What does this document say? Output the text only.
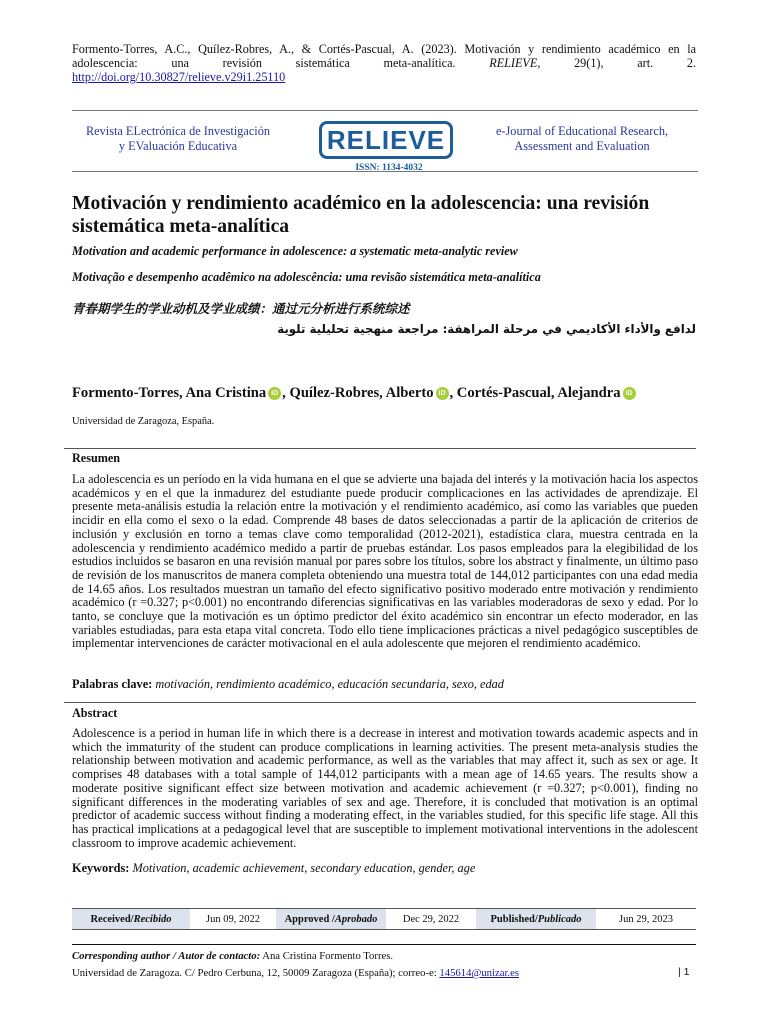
Formento-Torres, A.C., Quílez-Robres, A., & Cortés-Pascual, A. (2023). Motivación y rendimiento académico en la
adolescencia:	una	revisión	sistemática	meta-analítica.	RELIEVE,	29(1),	art.	2.
http://doi.org/10.30827/relieve.v29i1.25110
Revista ELectrónica de Investigación
y EValuación Educativa	RELIEVE
ISSN: 1134-4032
e-Journal of Educational Research,
Assessment and Evaluation
Motivación y rendimiento académico en la adolescencia: una revisión sistemática meta-analítica
Motivation and academic performance in adolescence: a systematic meta-analytic review
Motivação e desempenho acadêmico na adolescência: uma revisão sistemática meta-analítica
青春期学生的学业动机及学业成绩：通过元分析进行系统综述
لدافع والأداء الأكاديمي في مرحلة المراهقة: مراجعة منهجية تحليلية تلوية
Formento-Torres, Ana Cristina iD , Quílez-Robres, Alberto iD , Cortés-Pascual, Alejandra iD
Universidad de Zaragoza, España.
Resumen
La adolescencia es un período en la vida humana en el que se advierte una bajada del interés y la motivación hacia los aspectos académicos y en el que la inmadurez del estudiante puede producir complicaciones en las actividades de aprendizaje. El presente meta-análisis estudia la relación entre la motivación y el rendimiento académico, así como las variables que pueden incidir en ella como el sexo o la edad. Comprende 48 bases de datos seleccionadas a partir de la aplicación de criterios de inclusión y exclusión en torno a temas clave como temporalidad (2012-2021), estadística clara, muestra centrada en la adolescencia y rendimiento académico medido a partir de pruebas estándar. Los pasos empleados para la elegibilidad de los estudios incluidos se basaron en una revisión manual por pares sobre los títulos, sobre los abstract y finalmente, un último paso de revisión de los manuscritos de manera completa obteniendo una muestra total de 144,012 participantes con una edad media de 14.65 años. Los resultados muestran un tamaño del efecto significativo positivo moderado entre motivación y rendimiento académico (r =0.327; p<0.001) no encontrando diferencias significativas en las variables moderadoras de sexo y edad. Por lo tanto, se concluye que la motivación es un óptimo predictor del éxito académico sin encontrar un efecto moderador, en las variables estudiadas, para esta etapa vital concreta. Todo ello tiene implicaciones prácticas a nivel pedagógico susceptibles de implementar intervenciones de carácter motivacional en el aula adolescente que mejoren el rendimiento académico.
Palabras clave: motivación, rendimiento académico, educación secundaria, sexo, edad
Abstract
Adolescence is a period in human life in which there is a decrease in interest and motivation towards academic aspects and in which the immaturity of the student can produce complications in learning activities. The present meta-analysis studies the relationship between motivation and academic performance, as well as the variables that may affect it, such as sex or age. It comprises 48 databases with a total sample of 144,012 participants with a mean age of 14.65 years. The results show a moderate positive significant effect size between motivation and academic achievement (r =0.327; p<0.001), finding no significant differences in the moderating variables of sex and age. Therefore, it is concluded that motivation is an optimal predictor of academic success without finding a moderating effect, in the variables studied, for this specific life stage. All this has practical implications at a pedagogical level that are susceptible to implement motivational interventions in the adolescent classroom to improve academic achievement.
Keywords: Motivation, academic achievement, secondary education, gender, age
Received/ Recibido	Jun 09, 2022	Approved / Aprobado	Dec 29, 2022	Published/ Publicado	Jun 29, 2023
Corresponding author / Autor de contacto: Ana Cristina Formento Torres.
Universidad de Zaragoza. C/ Pedro Cerbuna, 12, 50009 Zaragoza (España); correo-e: 145614@unizar.es	| 1
